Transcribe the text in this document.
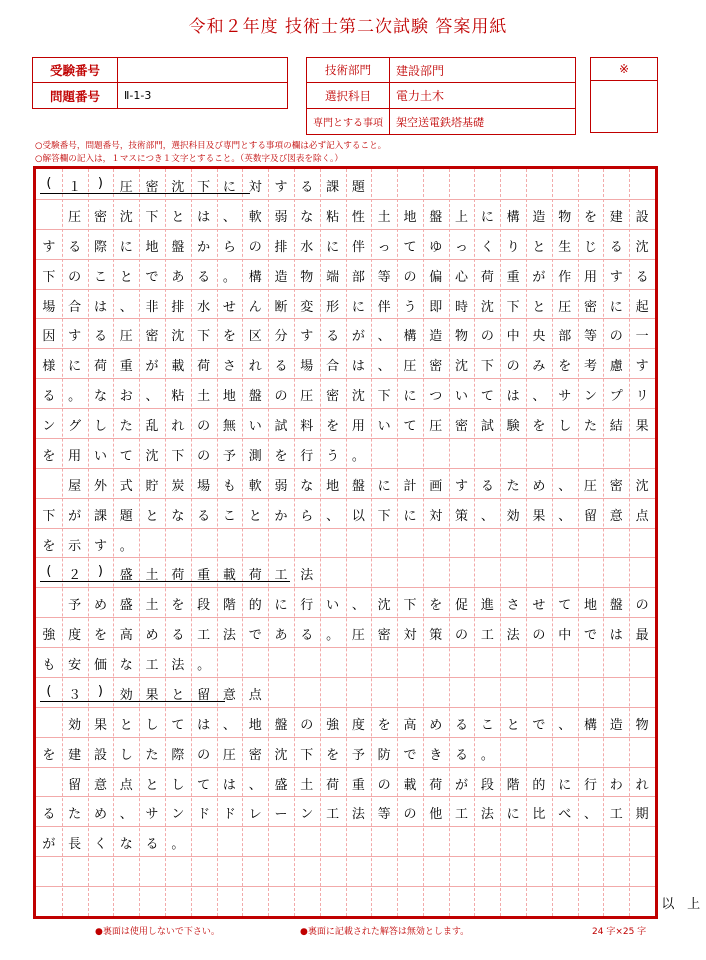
令和２年度 技術士第二次試験 答案用紙
受験番号	

問題番号	Ⅱ-1-3
技術部門	建設部門
選択科目	電力土木
専門とする事項	架空送電鉄塔基礎
※
○受験番号，問題番号，技術部門，選択科目及び専門とする事項の欄は必ず記入すること。
○解答欄の記入は，１マスにつき１文字とすること。（英数字及び図表を除く。）
(	１	)	圧 密 沈 下 に 対 す る 課 題
圧 密 沈 下 と は 、 軟 弱 な 粘 性 土 地 盤 上 に 構 造 物 を 建 設
す る 際 に 地 盤 か ら の 排 水 に 伴 っ て ゆ っ く り と 生 じ る 沈
下 の こ と で あ る 。 構 造 物 端 部 等 の 偏 心 荷 重 が 作 用 す る
場 合 は 、 非 排 水 せ ん 断 変 形 に 伴 う 即 時 沈 下 と 圧 密 に 起
因 す る 圧 密 沈 下 を 区 分 す る が 、 構 造 物 の 中 央 部 等 の 一
様 に 荷 重 が 載 荷 さ れ る 場 合 は 、 圧 密 沈 下 の み を 考 慮 す
る 。 な お 、 粘 土 地 盤 の 圧 密 沈 下 に つ い て は 、 サ ン プ リ
ン グ し た 乱 れ の 無 い 試 料 を 用 い て 圧 密 試 験 を し た 結 果
を 用 い て 沈 下 の 予 測 を 行 う 。
屋 外 式 貯 炭 場 も 軟 弱 な 地 盤 に 計 画 す る た め 、 圧 密 沈
下 が 課 題 と な る こ と か ら 、 以 下 に 対 策 、 効 果 、 留 意 点
を 示 す 。
(	２	)	盛 土 荷 重 載 荷 工 法
予 め 盛 土 を 段 階 的 に 行 い 、 沈 下 を 促 進 さ せ て 地 盤 の
強 度 を 高 め る 工 法 で あ る 。 圧 密 対 策 の 工 法 の 中 で は 最
も 安 価 な 工 法 。
(	３	)	効 果 と 留 意 点
効 果 と し て は 、 地 盤 の 強 度 を 高 め る こ と で 、 構 造 物
を 建 設 し た 際 の 圧 密 沈 下 を 予 防 で き る 。
留 意 点 と し て は 、 盛 土 荷 重 の 載 荷 が 段 階 的 に 行 わ れ
る た め 、 サ ン ド ド レ ー ン 工 法 等 の 他 工 法 に 比 べ 、 工 期
が 長 く な る 。
以 上
●裏面は使用しないで下さい。	●裏面に記載された解答は無効とします。	24 字×25 字
